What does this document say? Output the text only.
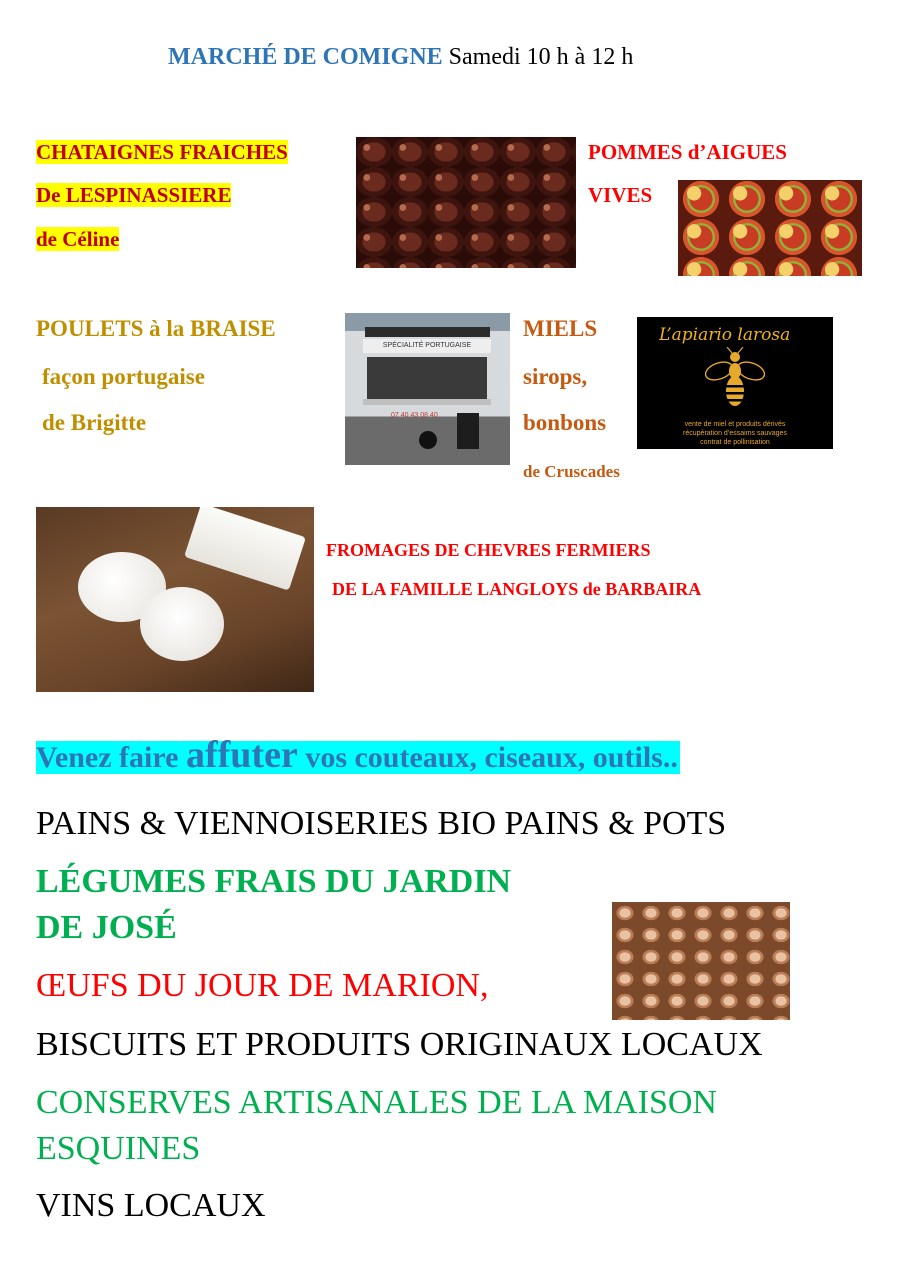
MARCHÉ DE COMIGNE Samedi 10 h à 12 h
CHATAIGNES FRAICHES
De LESPINASSIERE
de Céline
POMMES d’AIGUES
VIVES
POULETS à la BRAISE
façon portugaise
de Brigitte
SPÉCIALITÉ PORTUGAISE
07 40 43 08 40
MIELS
sirops,
bonbons
de Cruscades
L’apiario larosa
vente de miel et produits dérivés
récupération d’essaims sauvages
contrat de pollinisation
FROMAGES DE CHEVRES FERMIERS
DE LA FAMILLE LANGLOYS de BARBAIRA
Venez faire affuter vos couteaux, ciseaux, outils..
PAINS & VIENNOISERIES BIO PAINS & POTS
LÉGUMES FRAIS DU JARDIN
DE JOSÉ
ŒUFS DU JOUR DE MARION,
BISCUITS ET PRODUITS ORIGINAUX LOCAUX
CONSERVES ARTISANALES DE LA MAISON
ESQUINES
VINS LOCAUX
